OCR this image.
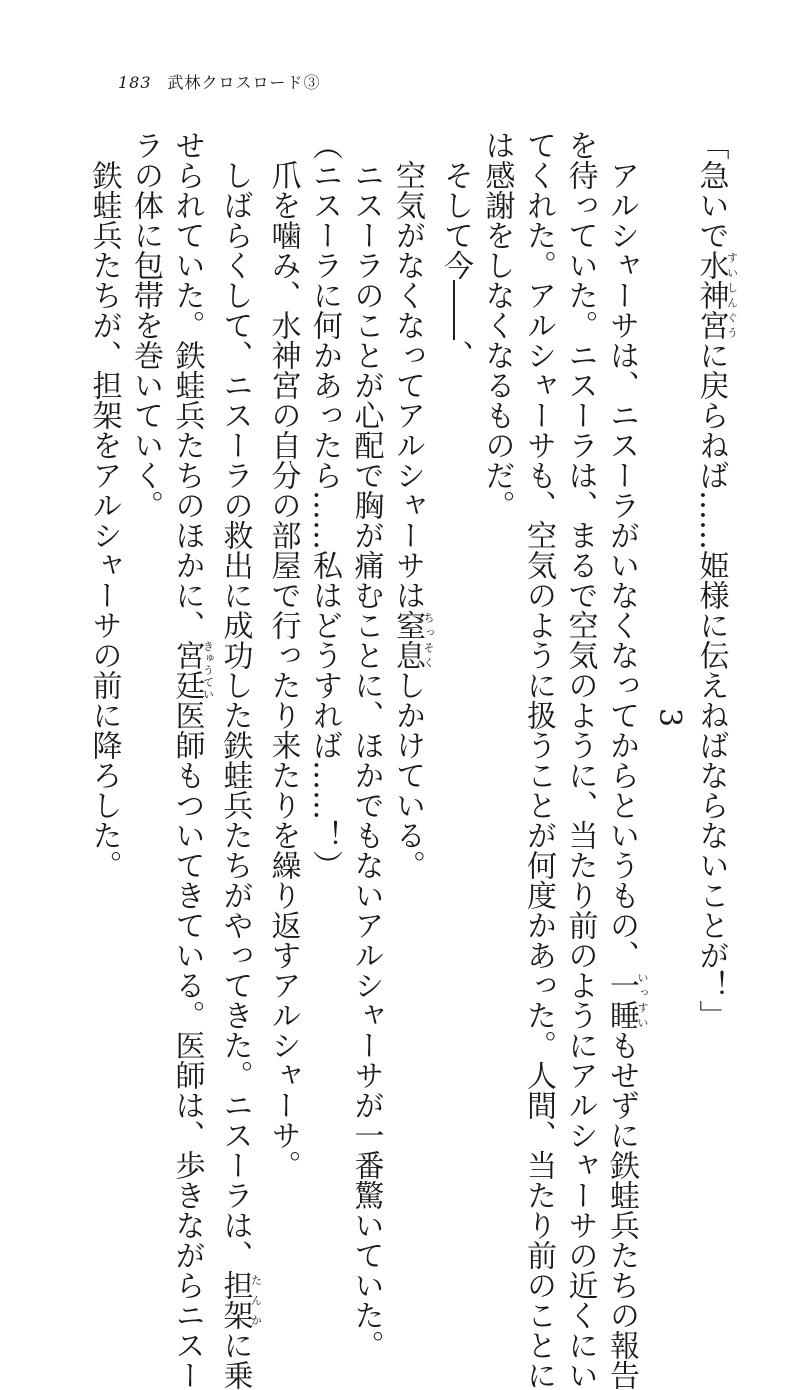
183 武林クロスロード③
「急いで水神宮すいしんぐうに戻らねば……姫様に伝えねばならないことが！」
3
アルシャーサは、ニスーラがいなくなってからというもの、一睡いっすいもせずに鉄蛙兵たちの報告
を待っていた。ニスーラは、まるで空気のように、当たり前のようにアルシャーサの近くにい
てくれた。アルシャーサも、空気のように扱うことが何度かあった。人間、当たり前のことに
は感謝をしなくなるものだ。
そして今――、
空気がなくなってアルシャーサは窒息ちっそくしかけている。
ニスーラのことが心配で胸が痛むことに、ほかでもないアルシャーサが一番驚いていた。
（ニスーラに何かあったら……私はどうすれば……！）
爪を噛み、水神宮の自分の部屋で行ったり来たりを繰り返すアルシャーサ。
しばらくして、ニスーラの救出に成功した鉄蛙兵たちがやってきた。ニスーラは、担架たんかに乗
せられていた。鉄蛙兵たちのほかに、宮廷きゅうてい医師もついてきている。医師は、歩きながらニスー
ラの体に包帯を巻いていく。
鉄蛙兵たちが、担架をアルシャーサの前に降ろした。
